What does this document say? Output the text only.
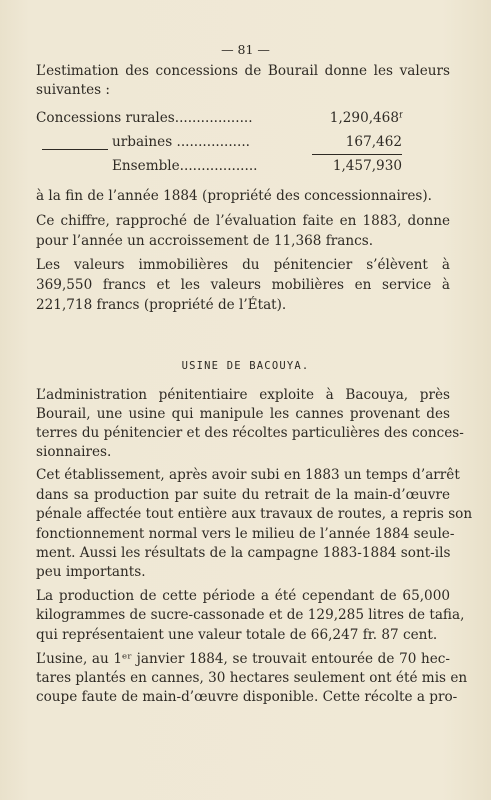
— 81 —
L’estimation des concessions de Bourail donne les valeurs
suivantes :
Concessions rurales..................	1,290,468ᶠ
urbaines .................	167,462
Ensemble..................	1,457,930
à la fin de l’année 1884 (propriété des concessionnaires).
Ce chiffre, rapproché de l’évaluation faite en 1883, donne
pour l’année un accroissement de 11,368 francs.
Les valeurs immobilières du pénitencier s’élèvent à
369,550 francs et les valeurs mobilières en service à
221,718 francs (propriété de l’État).
USINE DE BACOUYA.
L’administration pénitentiaire exploite à Bacouya, près
Bourail, une usine qui manipule les cannes provenant des
terres du pénitencier et des récoltes particulières des conces-
sionnaires.
Cet établissement, après avoir subi en 1883 un temps d’arrêt
dans sa production par suite du retrait de la main-d’œuvre
pénale affectée tout entière aux travaux de routes, a repris son
fonctionnement normal vers le milieu de l’année 1884 seule-
ment. Aussi les résultats de la campagne 1883-1884 sont-ils
peu importants.
La production de cette période a été cependant de 65,000
kilogrammes de sucre-cassonade et de 129,285 litres de tafia,
qui représentaient une valeur totale de 66,247 fr. 87 cent.
L’usine, au 1ᵉʳ janvier 1884, se trouvait entourée de 70 hec-
tares plantés en cannes, 30 hectares seulement ont été mis en
coupe faute de main-d’œuvre disponible. Cette récolte a pro-
